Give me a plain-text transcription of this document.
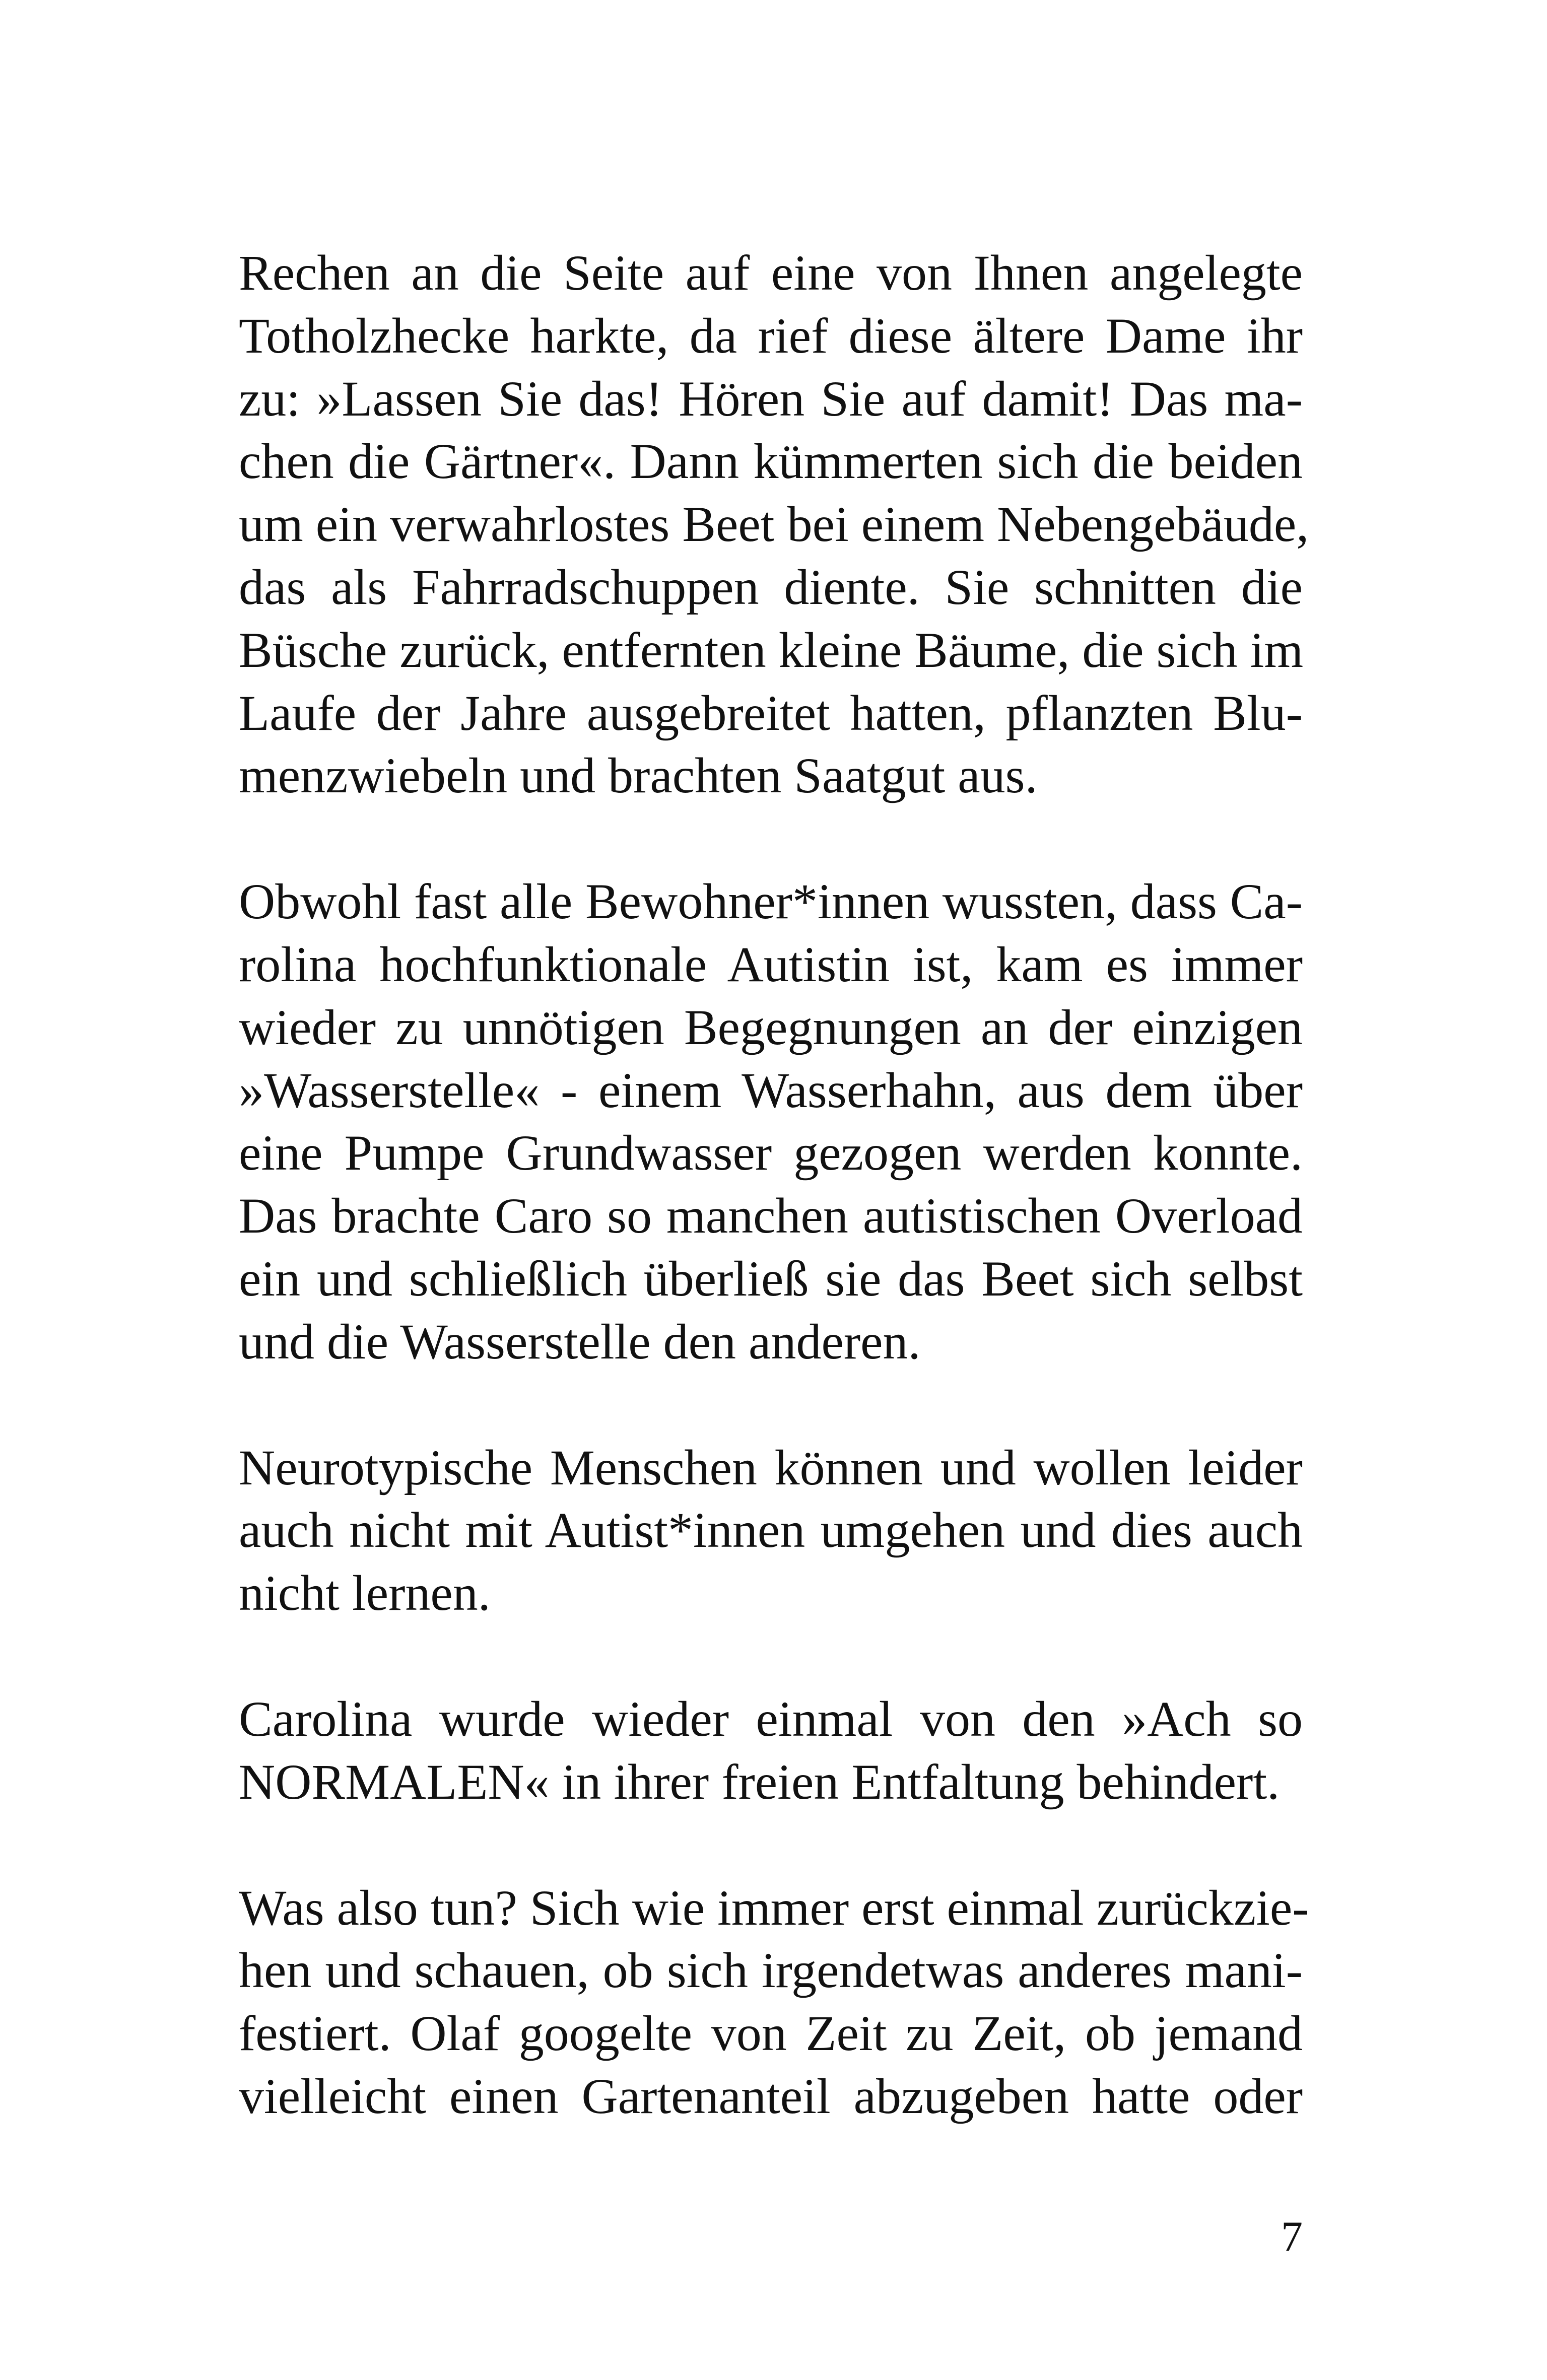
Rechen an die Seite auf eine von Ihnen angelegte
Totholzhecke harkte, da rief diese ältere Dame ihr
zu: »Lassen Sie das! Hören Sie auf damit! Das ma-
chen die Gärtner«. Dann kümmerten sich die beiden
um ein verwahrlostes Beet bei einem Nebengebäude,
das als Fahrradschuppen diente. Sie schnitten die
Büsche zurück, entfernten kleine Bäume, die sich im
Laufe der Jahre ausgebreitet hatten, pflanzten Blu-
menzwiebeln und brachten Saatgut aus.

Obwohl fast alle Bewohner*innen wussten, dass Ca-
rolina hochfunktionale Autistin ist, kam es immer
wieder zu unnötigen Begegnungen an der einzigen
»Wasserstelle« - einem Wasserhahn, aus dem über
eine Pumpe Grundwasser gezogen werden konnte.
Das brachte Caro so manchen autistischen Overload
ein und schließlich überließ sie das Beet sich selbst
und die Wasserstelle den anderen.

Neurotypische Menschen können und wollen leider
auch nicht mit Autist*innen umgehen und dies auch
nicht lernen.

Carolina wurde wieder einmal von den »Ach so
NORMALEN« in ihrer freien Entfaltung behindert.

Was also tun? Sich wie immer erst einmal zurückzie-
hen und schauen, ob sich irgendetwas anderes mani-
festiert. Olaf googelte von Zeit zu Zeit, ob jemand
vielleicht einen Gartenanteil abzugeben hatte oder

7
